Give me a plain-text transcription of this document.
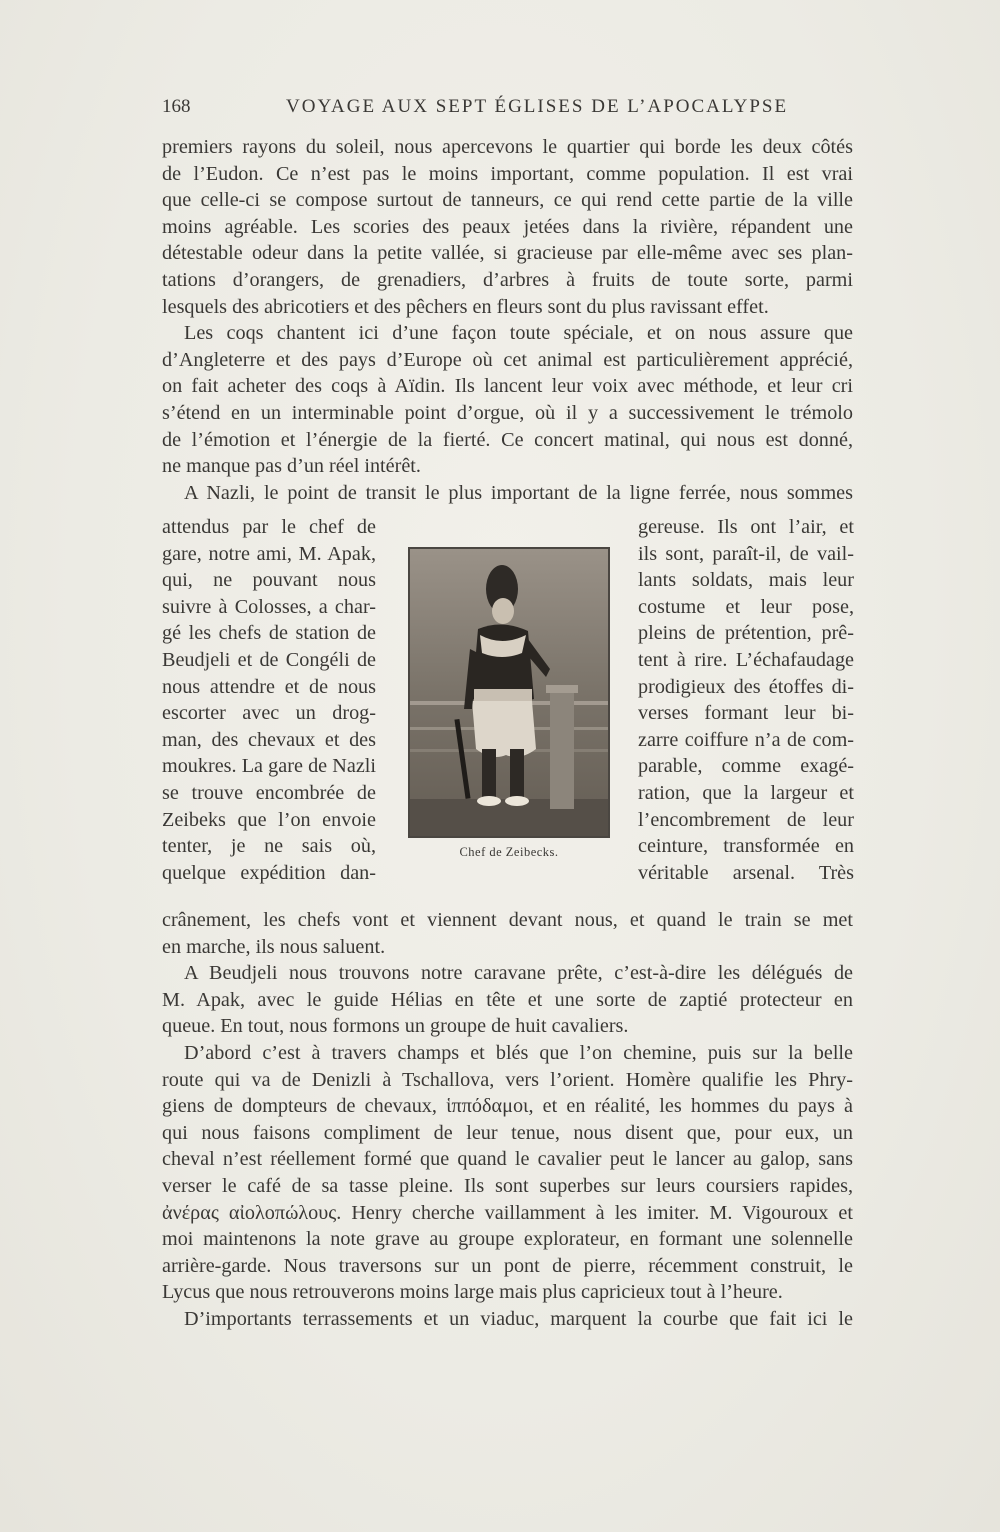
168	VOYAGE AUX SEPT ÉGLISES DE L’APOCALYPSE
premiers rayons du soleil, nous apercevons le quartier qui borde les deux côtés
de l’Eudon. Ce n’est pas le moins important, comme population. Il est vrai
que celle-ci se compose surtout de tanneurs, ce qui rend cette partie de la ville
moins agréable. Les scories des peaux jetées dans la rivière, répandent une
détestable odeur dans la petite vallée, si gracieuse par elle-même avec ses plan-
tations d’orangers, de grenadiers, d’arbres à fruits de toute sorte, parmi
lesquels des abricotiers et des pêchers en fleurs sont du plus ravissant effet.
Les coqs chantent ici d’une façon toute spéciale, et on nous assure que
d’Angleterre et des pays d’Europe où cet animal est particulièrement apprécié,
on fait acheter des coqs à Aïdin. Ils lancent leur voix avec méthode, et leur cri
s’étend en un interminable point d’orgue, où il y a successivement le trémolo
de l’émotion et l’énergie de la fierté. Ce concert matinal, qui nous est donné,
ne manque pas d’un réel intérêt.
A Nazli, le point de transit le plus important de la ligne ferrée, nous sommes
attendus par le chef de
gare, notre ami, M. Apak,
qui, ne pouvant nous
suivre à Colosses, a char-
gé les chefs de station de
Beudjeli et de Congéli de
nous attendre et de nous
escorter avec un drog-
man, des chevaux et des
moukres. La gare de Nazli
se trouve encombrée de
Zeibeks que l’on envoie
tenter, je ne sais où,
quelque expédition dan-
Chef de Zeibecks.
gereuse. Ils ont l’air, et
ils sont, paraît-il, de vail-
lants soldats, mais leur
costume et leur pose,
pleins de prétention, prê-
tent à rire. L’échafaudage
prodigieux des étoffes di-
verses formant leur bi-
zarre coiffure n’a de com-
parable, comme exagé-
ration, que la largeur et
l’encombrement de leur
ceinture, transformée en
véritable arsenal. Très
crânement, les chefs vont et viennent devant nous, et quand le train se met
en marche, ils nous saluent.
A Beudjeli nous trouvons notre caravane prête, c’est-à-dire les délégués de
M. Apak, avec le guide Hélias en tête et une sorte de zaptié protecteur en
queue. En tout, nous formons un groupe de huit cavaliers.
D’abord c’est à travers champs et blés que l’on chemine, puis sur la belle
route qui va de Denizli à Tschallova, vers l’orient. Homère qualifie les Phry-
giens de dompteurs de chevaux, ἱππόδαμοι, et en réalité, les hommes du pays à
qui nous faisons compliment de leur tenue, nous disent que, pour eux, un
cheval n’est réellement formé que quand le cavalier peut le lancer au galop, sans
verser le café de sa tasse pleine. Ils sont superbes sur leurs coursiers rapides,
ἀνέρας αἰολοπώλους. Henry cherche vaillamment à les imiter. M. Vigouroux et
moi maintenons la note grave au groupe explorateur, en formant une solennelle
arrière-garde. Nous traversons sur un pont de pierre, récemment construit, le
Lycus que nous retrouverons moins large mais plus capricieux tout à l’heure.
D’importants terrassements et un viaduc, marquent la courbe que fait ici le
